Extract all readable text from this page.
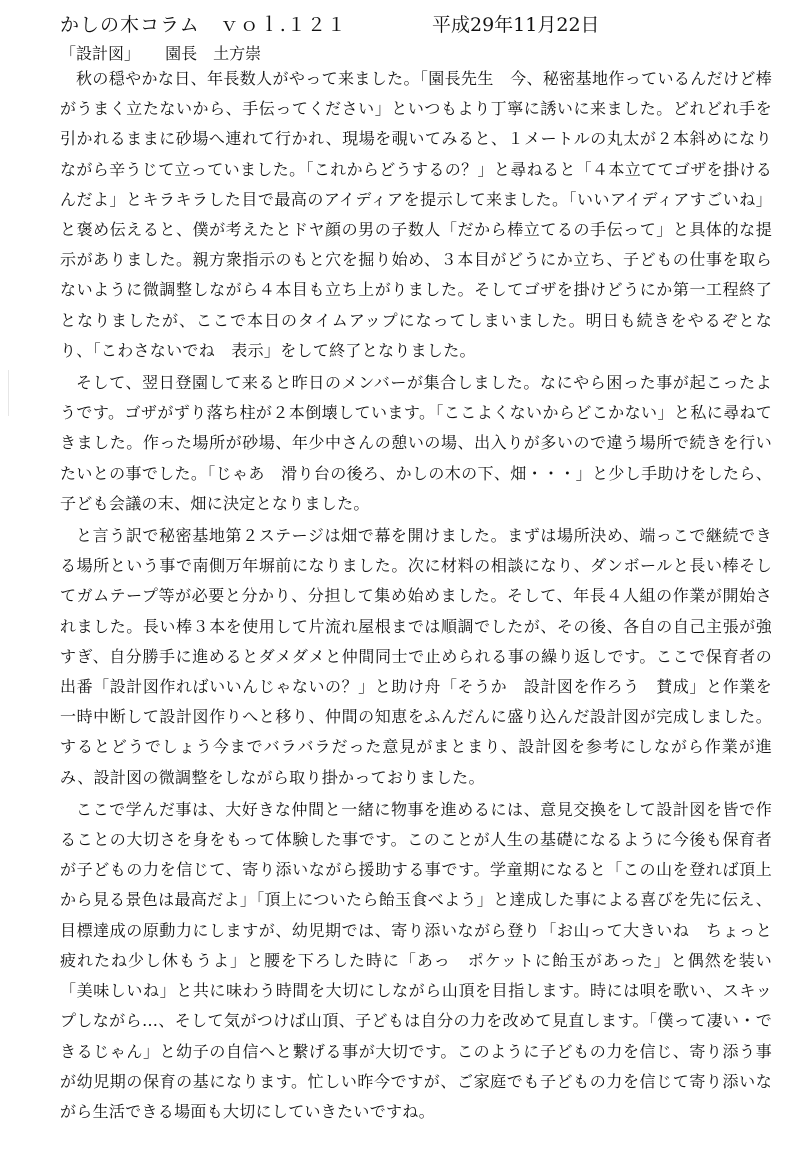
かしの木コラム　ｖｏｌ.１２１	平成29年11月22日
「設計図」 園長　土方崇

秋の穏やかな日、年長数人がやって来ました。「園長先生　今、秘密基地作っているんだけど棒がうまく立たないから、手伝ってください」といつもより丁寧に誘いに来ました。どれどれ手を引かれるままに砂場へ連れて行かれ、現場を覗いてみると、１メートルの丸太が２本斜めになりながら辛うじて立っていました。「これからどうするの？」と尋ねると「４本立ててゴザを掛けるんだよ」とキラキラした目で最高のアイディアを提示して来ました。「いいアイディアすごいね」と褒め伝えると、僕が考えたとドヤ顔の男の子数人「だから棒立てるの手伝って」と具体的な提示がありました。親方衆指示のもと穴を掘り始め、３本目がどうにか立ち、子どもの仕事を取らないように微調整しながら４本目も立ち上がりました。そしてゴザを掛けどうにか第一工程終了となりましたが、ここで本日のタイムアップになってしまいました。明日も続きをやるぞとなり、「こわさないでね　表示」をして終了となりました。

そして、翌日登園して来ると昨日のメンバーが集合しました。なにやら困った事が起こったようです。ゴザがずり落ち柱が２本倒壊しています。「ここよくないからどこかない」と私に尋ねてきました。作った場所が砂場、年少中さんの憩いの場、出入りが多いので違う場所で続きを行いたいとの事でした。「じゃあ　滑り台の後ろ、かしの木の下、畑・・・」と少し手助けをしたら、子ども会議の末、畑に決定となりました。

と言う訳で秘密基地第２ステージは畑で幕を開けました。まずは場所決め、端っこで継続できる場所という事で南側万年塀前になりました。次に材料の相談になり、ダンボールと長い棒そしてガムテープ等が必要と分かり、分担して集め始めました。そして、年長４人組の作業が開始されました。長い棒３本を使用して片流れ屋根までは順調でしたが、その後、各自の自己主張が強すぎ、自分勝手に進めるとダメダメと仲間同士で止められる事の繰り返しです。ここで保育者の出番「設計図作ればいいんじゃないの？」と助け舟「そうか　設計図を作ろう　賛成」と作業を一時中断して設計図作りへと移り、仲間の知恵をふんだんに盛り込んだ設計図が完成しました。するとどうでしょう今までバラバラだった意見がまとまり、設計図を参考にしながら作業が進み、設計図の微調整をしながら取り掛かっておりました。

ここで学んだ事は、大好きな仲間と一緒に物事を進めるには、意見交換をして設計図を皆で作ることの大切さを身をもって体験した事です。このことが人生の基礎になるように今後も保育者が子どもの力を信じて、寄り添いながら援助する事です。学童期になると「この山を登れば頂上から見る景色は最高だよ」「頂上についたら飴玉食べよう」と達成した事による喜びを先に伝え、目標達成の原動力にしますが、幼児期では、寄り添いながら登り「お山って大きいね　ちょっと疲れたね少し休もうよ」と腰を下ろした時に「あっ　ポケットに飴玉があった」と偶然を装い「美味しいね」と共に味わう時間を大切にしながら山頂を目指します。時には唄を歌い、スキップしながら…、そして気がつけば山頂、子どもは自分の力を改めて見直します。「僕って凄い・できるじゃん」と幼子の自信へと繋げる事が大切です。このように子どもの力を信じ、寄り添う事が幼児期の保育の基になります。忙しい昨今ですが、ご家庭でも子どもの力を信じて寄り添いながら生活できる場面も大切にしていきたいですね。
